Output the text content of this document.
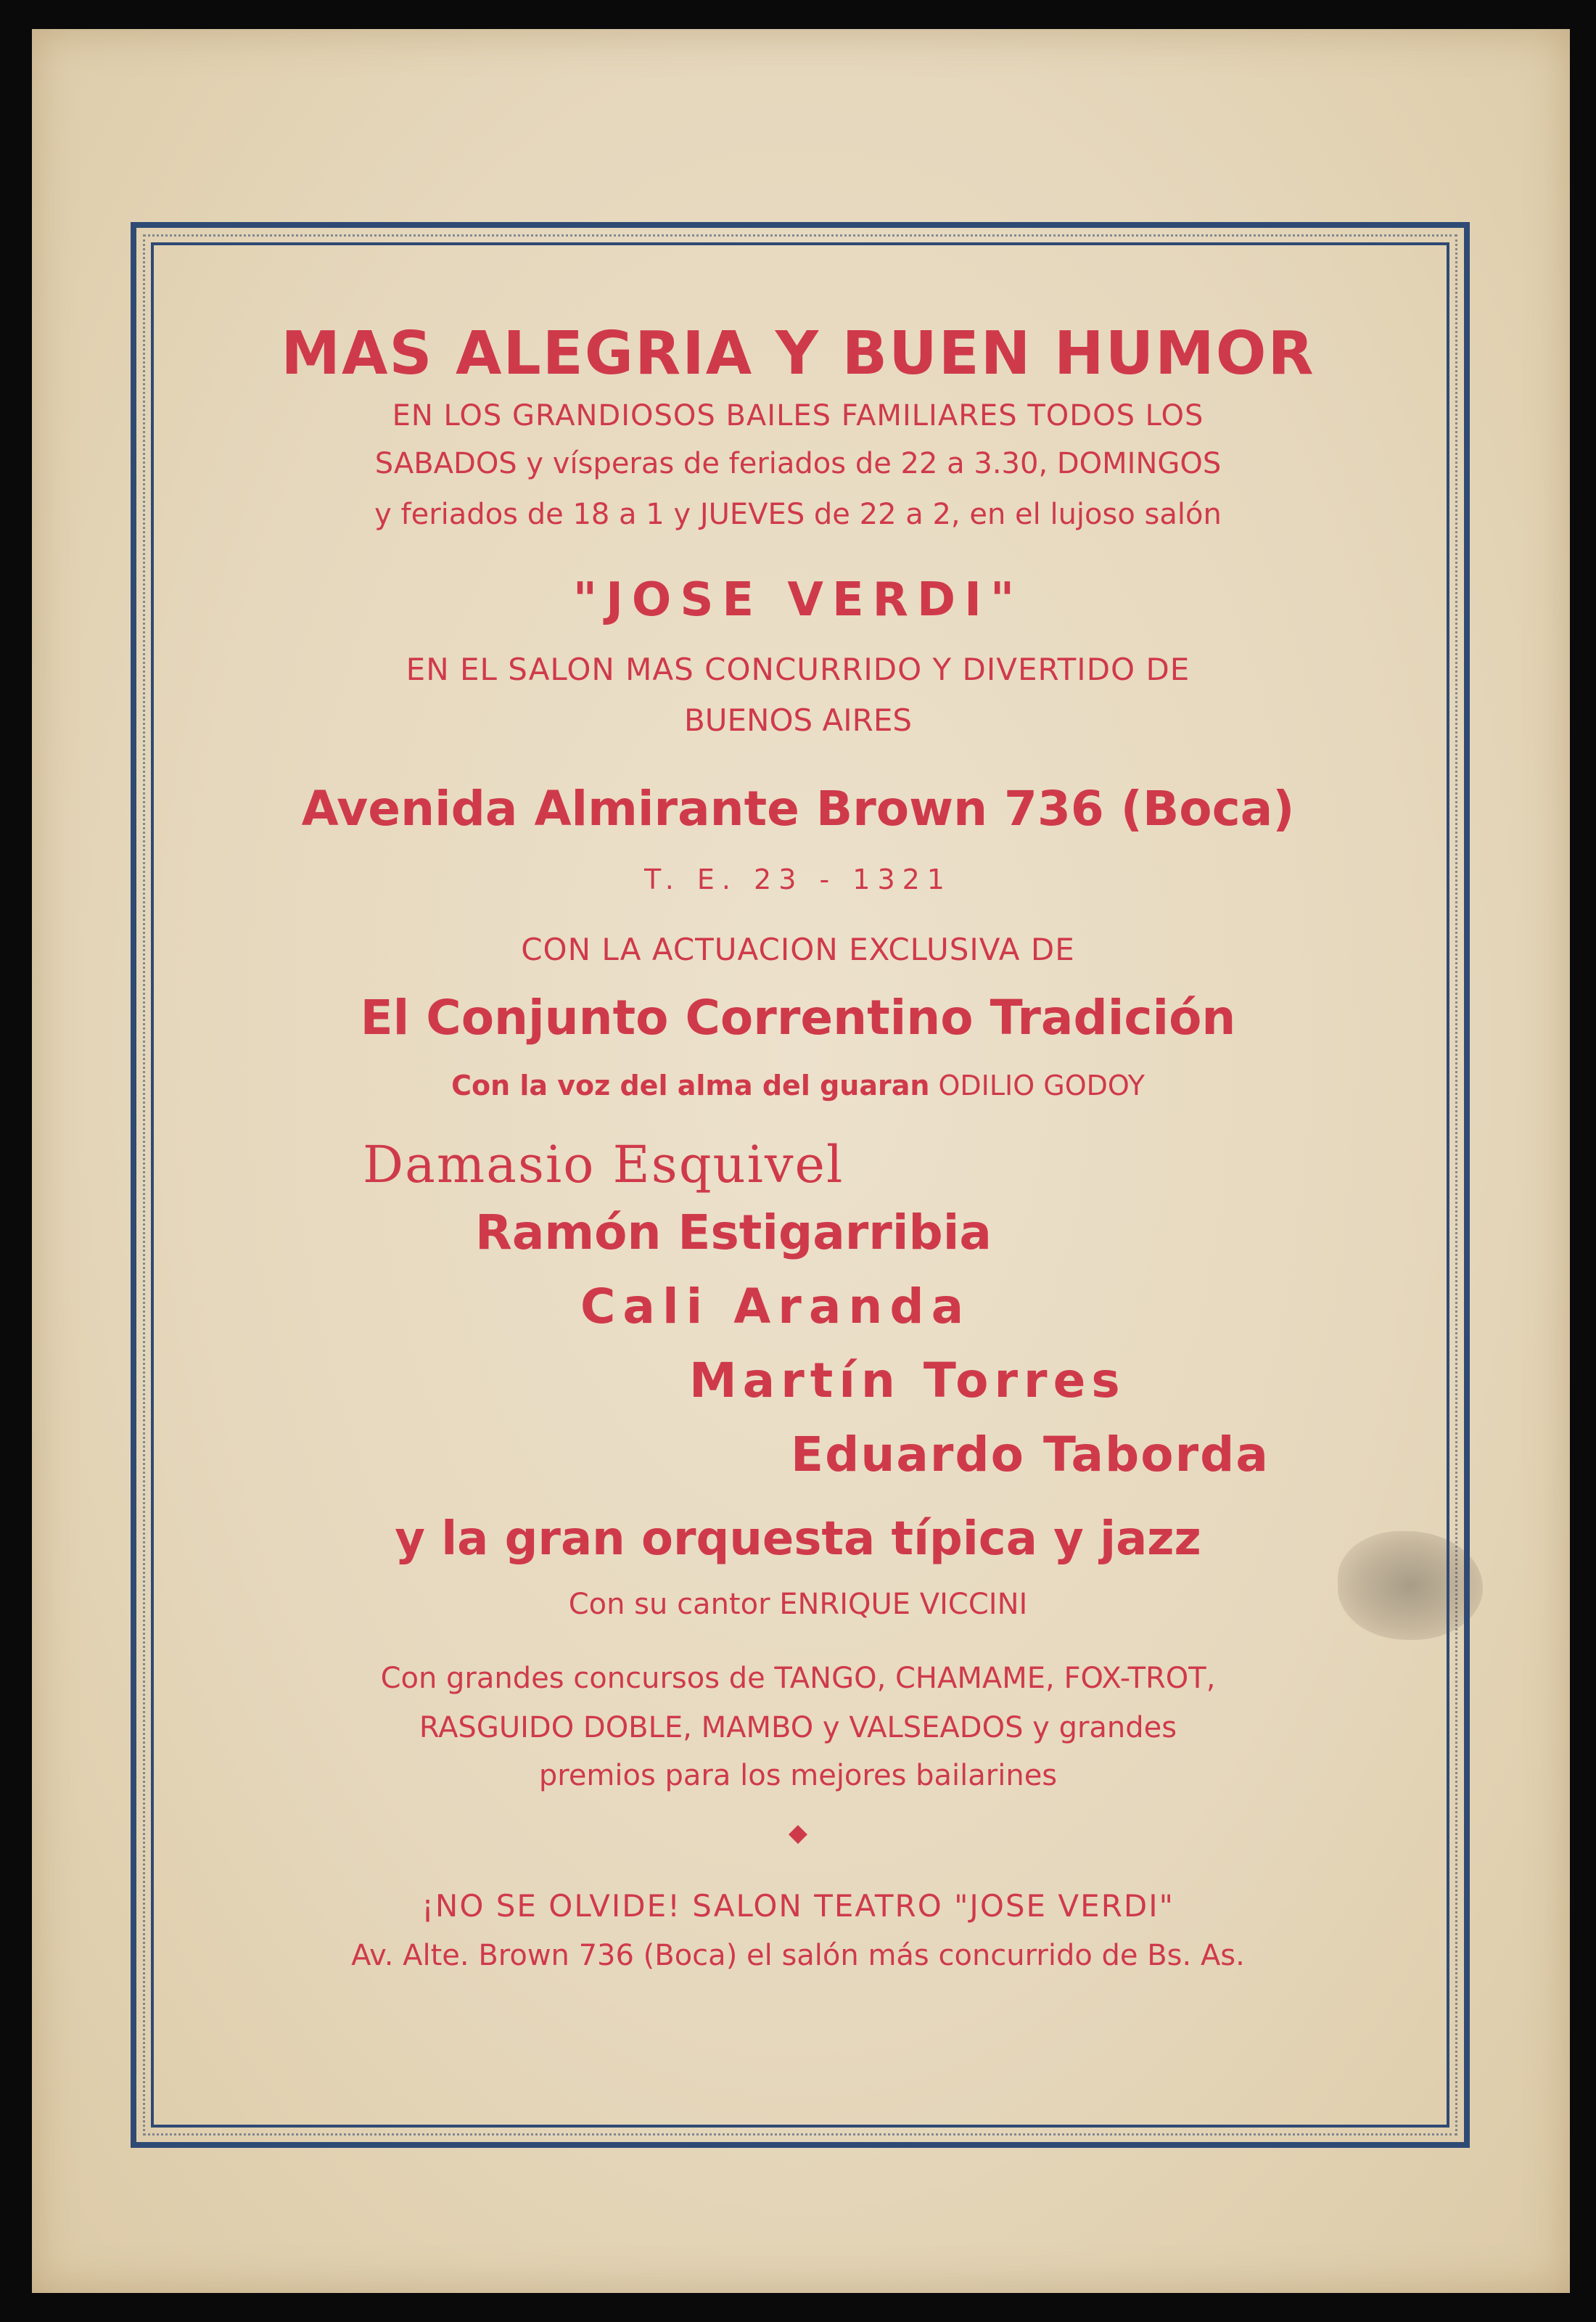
MAS ALEGRIA Y BUEN HUMOR

EN LOS GRANDIOSOS BAILES FAMILIARES TODOS LOS

SABADOS y vísperas de feriados de 22 a 3.30, DOMINGOS

y feriados de 18 a 1 y JUEVES de 22 a 2, en el lujoso salón

"JOSE VERDI"

EN EL SALON MAS CONCURRIDO Y DIVERTIDO DE

BUENOS AIRES

Avenida Almirante Brown 736 (Boca)

T. E. 23 - 1321

CON LA ACTUACION EXCLUSIVA DE

El Conjunto Correntino Tradición

Con la voz del alma del guaran ODILIO GODOY

Damasio Esquivel

Ramón Estigarribia

Cali Aranda

Martín Torres

Eduardo Taborda

y la gran orquesta típica y jazz

Con su cantor ENRIQUE VICCINI

Con grandes concursos de TANGO, CHAMAME, FOX-TROT,

RASGUIDO DOBLE, MAMBO y VALSEADOS y grandes

premios para los mejores bailarines

◆

¡NO SE OLVIDE! SALON TEATRO "JOSE VERDI"

Av. Alte. Brown 736 (Boca) el salón más concurrido de Bs. As.
